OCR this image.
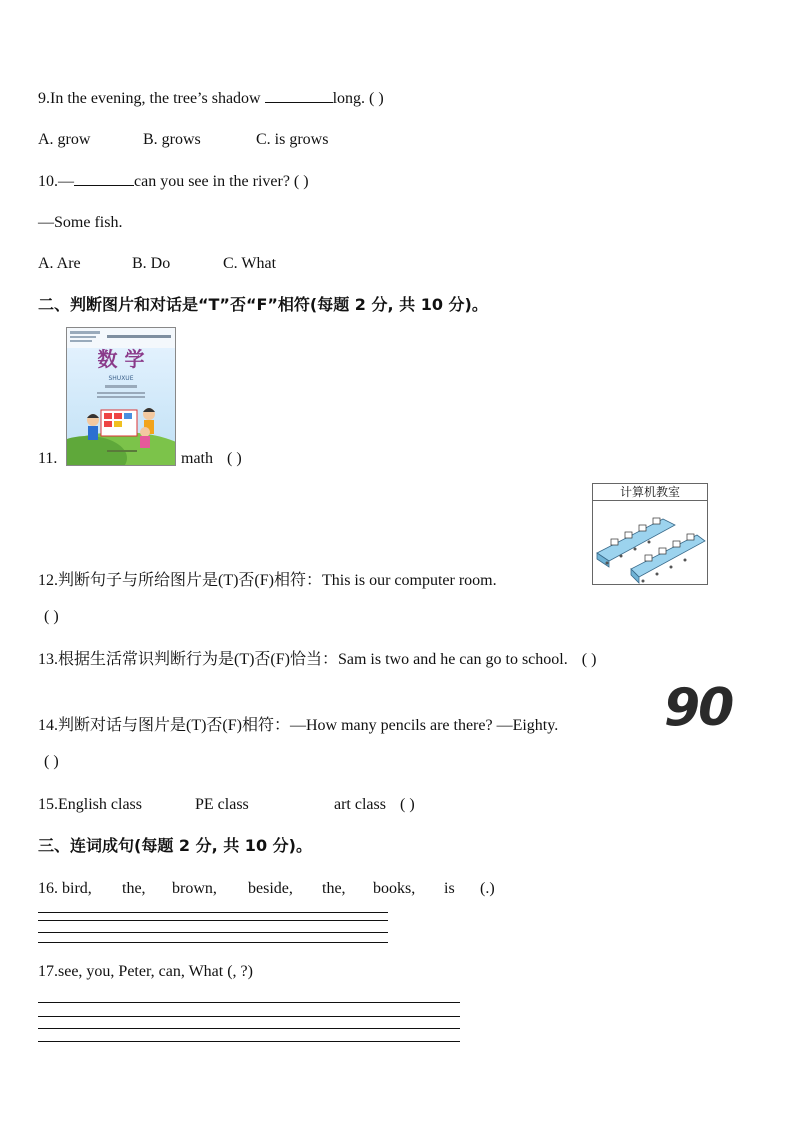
9.In the evening, the tree’s shadow	long. ( )
A. grow	B. grows	C. is grows
10.—	can you see in the river? ( )
—Some fish.
A. Are	B. Do	C. What
二、判断图片和对话是“T”否“F”相符(每题 2 分, 共 10 分)。
数 学
SHUXUE
11.	math ( )
计算机教室
12.判断句子与所给图片是(T)否(F)相符：This is our computer room.
( )
13.根据生活常识判断行为是(T)否(F)恰当：Sam is two and he can go to school. ( )
14.判断对话与图片是(T)否(F)相符：—How many pencils are there? —Eighty. 90
( )
15.English class	PE class	art class ( )
三、连词成句(每题 2 分, 共 10 分)。
16. bird, the, brown, beside, the, books, is (.)
17.see, you, Peter, can, What (, ?)
